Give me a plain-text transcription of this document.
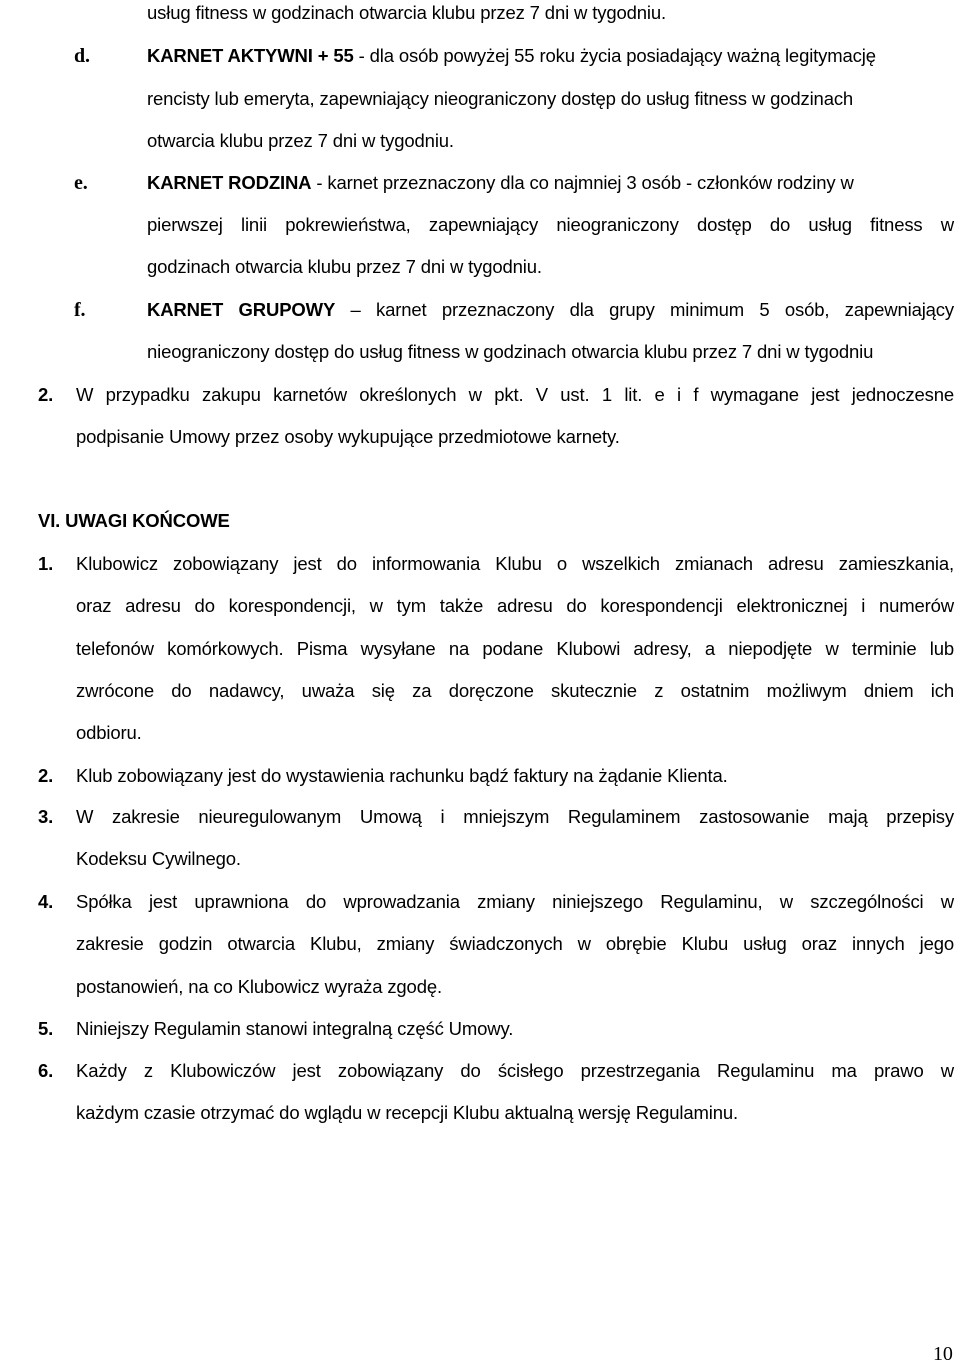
usług fitness w godzinach otwarcia klubu przez 7 dni w tygodniu.
d.	KARNET AKTYWNI + 55 - dla osób powyżej 55 roku życia posiadający ważną legitymację
rencisty lub emeryta, zapewniający nieograniczony dostęp do usług fitness w godzinach
otwarcia klubu przez 7 dni w tygodniu.
e.	KARNET RODZINA - karnet przeznaczony dla co najmniej 3 osób - członków rodziny w
pierwszej linii pokrewieństwa, zapewniający nieograniczony dostęp do usług fitness w
godzinach otwarcia klubu przez 7 dni w tygodniu.
f.	KARNET GRUPOWY – karnet przeznaczony dla grupy minimum 5 osób, zapewniający
nieograniczony dostęp do usług fitness w godzinach otwarcia klubu przez 7 dni w tygodniu
2. W przypadku zakupu karnetów określonych w pkt. V ust. 1 lit. e i f wymagane jest jednoczesne
podpisanie Umowy przez osoby wykupujące przedmiotowe karnety.
VI. UWAGI KOŃCOWE
1. Klubowicz zobowiązany jest do informowania Klubu o wszelkich zmianach adresu zamieszkania,
oraz adresu do korespondencji, w tym także adresu do korespondencji elektronicznej i numerów
telefonów komórkowych. Pisma wysyłane na podane Klubowi adresy, a niepodjęte w terminie lub
zwrócone do nadawcy, uważa się za doręczone skutecznie z ostatnim możliwym dniem ich
odbioru.
2. Klub zobowiązany jest do wystawienia rachunku bądź faktury na żądanie Klienta.
3. W zakresie nieuregulowanym Umową i mniejszym Regulaminem zastosowanie mają przepisy
Kodeksu Cywilnego.
4. Spółka jest uprawniona do wprowadzania zmiany niniejszego Regulaminu, w szczególności w
zakresie godzin otwarcia Klubu, zmiany świadczonych w obrębie Klubu usług oraz innych jego
postanowień, na co Klubowicz wyraża zgodę.
5. Niniejszy Regulamin stanowi integralną część Umowy.
6. Każdy z Klubowiczów jest zobowiązany do ścisłego przestrzegania Regulaminu ma prawo w
każdym czasie otrzymać do wglądu w recepcji Klubu aktualną wersję Regulaminu.
10
